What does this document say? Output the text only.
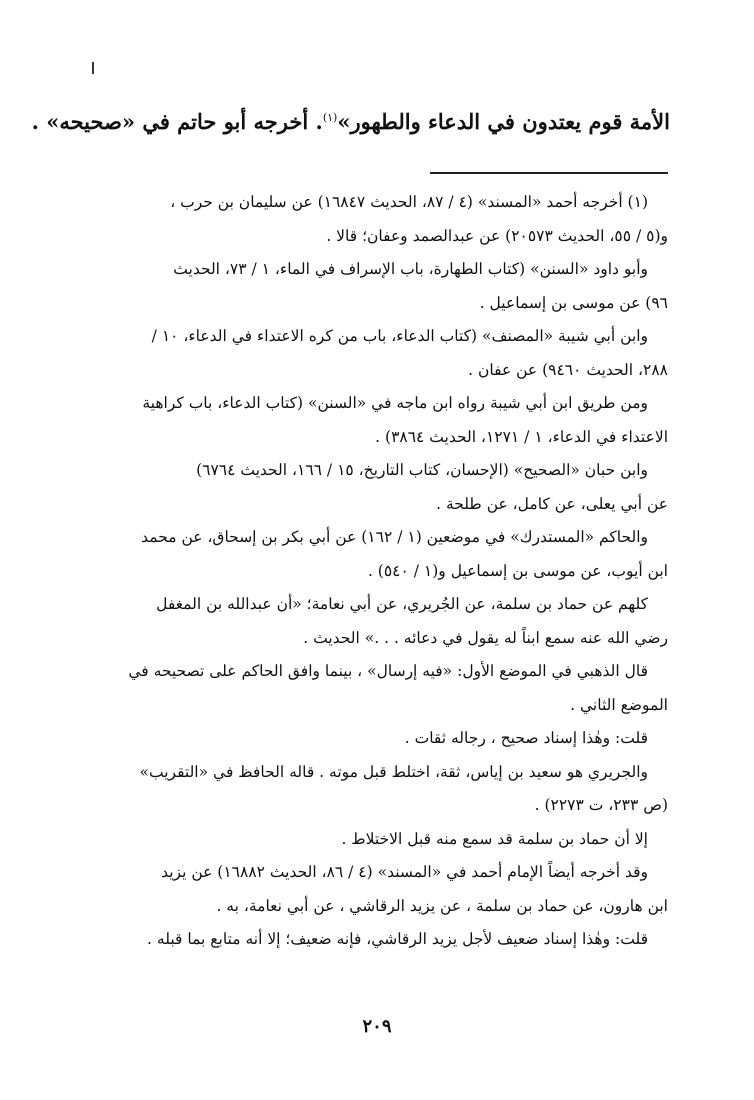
الأمة قوم يعتدون في الدعاء والطهور»$^{(١)}$. أخرجه أبو حاتم في «صحيحه» .

(١) أخرجه أحمد «المسند» (٤ / ٨٧، الحديث ١٦٨٤٧) عن سليمان بن حرب ،

و(٥ / ٥٥، الحديث ٢٠٥٧٣) عن عبدالصمد وعفان؛ قالا .

وأبو داود «السنن» (كتاب الطهارة، باب الإسراف في الماء، ١ / ٧٣، الحديث

٩٦) عن موسى بن إسماعيل .

وابن أبي شيبة «المصنف» (كتاب الدعاء، باب من كره الاعتداء في الدعاء، ١٠ /

٢٨٨، الحديث ٩٤٦٠) عن عفان .

ومن طريق ابن أبي شيبة رواه ابن ماجه في «السنن» (كتاب الدعاء، باب كراهية

الاعتداء في الدعاء، ١ / ١٢٧١، الحديث ٣٨٦٤) .

وابن حبان «الصحيح» (الإحسان، كتاب التاريخ، ١٥ / ١٦٦، الحديث ٦٧٦٤)

عن أبي يعلى، عن كامل، عن طلحة .

والحاكم «المستدرك» في موضعين (١ / ١٦٢) عن أبي بكر بن إسحاق، عن محمد

ابن أيوب، عن موسى بن إسماعيل و(١ / ٥٤٠) .

كلهم عن حماد بن سلمة، عن الجُريري، عن أبي نعامة؛ «أن عبدالله بن المغفل

رضي الله عنه سمع ابناً له يقول في دعائه . . .» الحديث .

قال الذهبي في الموضع الأول: «فيه إرسال» ، بينما وافق الحاكم على تصحيحه في

الموضع الثاني .

قلت: وهٰذا إسناد صحيح ، رجاله ثقات .

والجريري هو سعيد بن إياس، ثقة، اختلط قبل موته . قاله الحافظ في «التقريب»

(ص ٢٣٣، ت ٢٢٧٣) .

إلا أن حماد بن سلمة قد سمع منه قبل الاختلاط .

وقد أخرجه أيضاً الإمام أحمد في «المسند» (٤ / ٨٦، الحديث ١٦٨٨٢) عن يزيد

ابن هارون، عن حماد بن سلمة ، عن يزيد الرقاشي ، عن أبي نعامة، به .

قلت: وهٰذا إسناد ضعيف لأجل يزيد الرقاشي، فإنه ضعيف؛ إلا أنه متابع بما قبله .

٢٠٩
